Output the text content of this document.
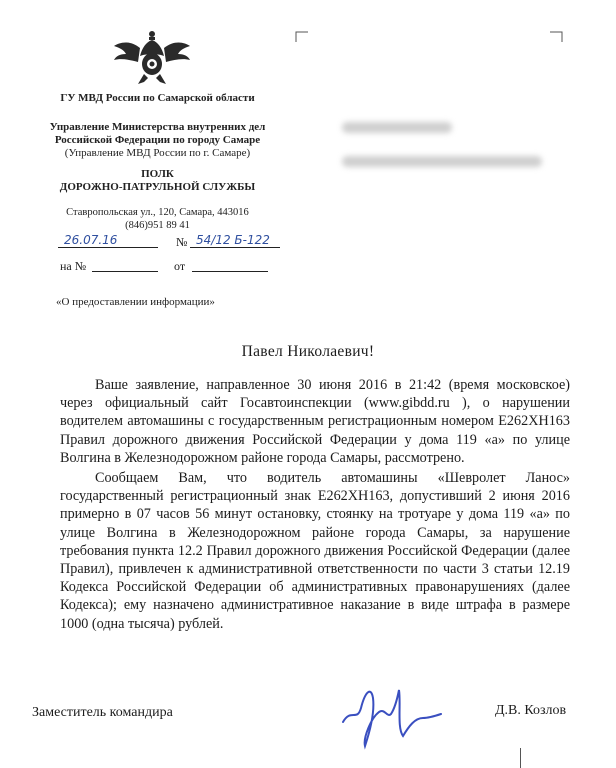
ГУ МВД России по Самарской области
Управление Министерства внутренних дел
Российской Федерации по городу Самаре
(Управление МВД России по г. Самаре)
ПОЛК
ДОРОЖНО-ПАТРУЛЬНОЙ СЛУЖБЫ
Ставропольская ул., 120, Самара, 443016
(846)951 89 41
26.07.16	№ 54/12 Б-122
на №	от
«О предоставлении информации»
Павел Николаевич!

Ваше заявление, направленное 30 июня 2016 в 21:42 (время московское) через официальный сайт Госавтоинспекции (www.gibdd.ru ), о нарушении водителем автомашины с государственным регистрационным номером Е262ХН163 Правил дорожного движения Российской Федерации у дома 119 «а» по улице Волгина в Железнодорожном районе города Самары, рассмотрено.

Сообщаем Вам, что водитель автомашины «Шевролет Ланос» государственный регистрационный знак Е262ХН163, допустивший 2 июня 2016 примерно в 07 часов 56 минут остановку, стоянку на тротуаре у дома 119 «а» по улице Волгина в Железнодорожном районе города Самары, за нарушение требования пункта 12.2 Правил дорожного движения Российской Федерации (далее Правил), привлечен к административной ответственности по части 3 статьи 12.19 Кодекса Российской Федерации об административных правонарушениях (далее Кодекса); ему назначено административное наказание в виде штрафа в размере 1000 (одна тысяча) рублей.

Заместитель командира	Д.В. Козлов
